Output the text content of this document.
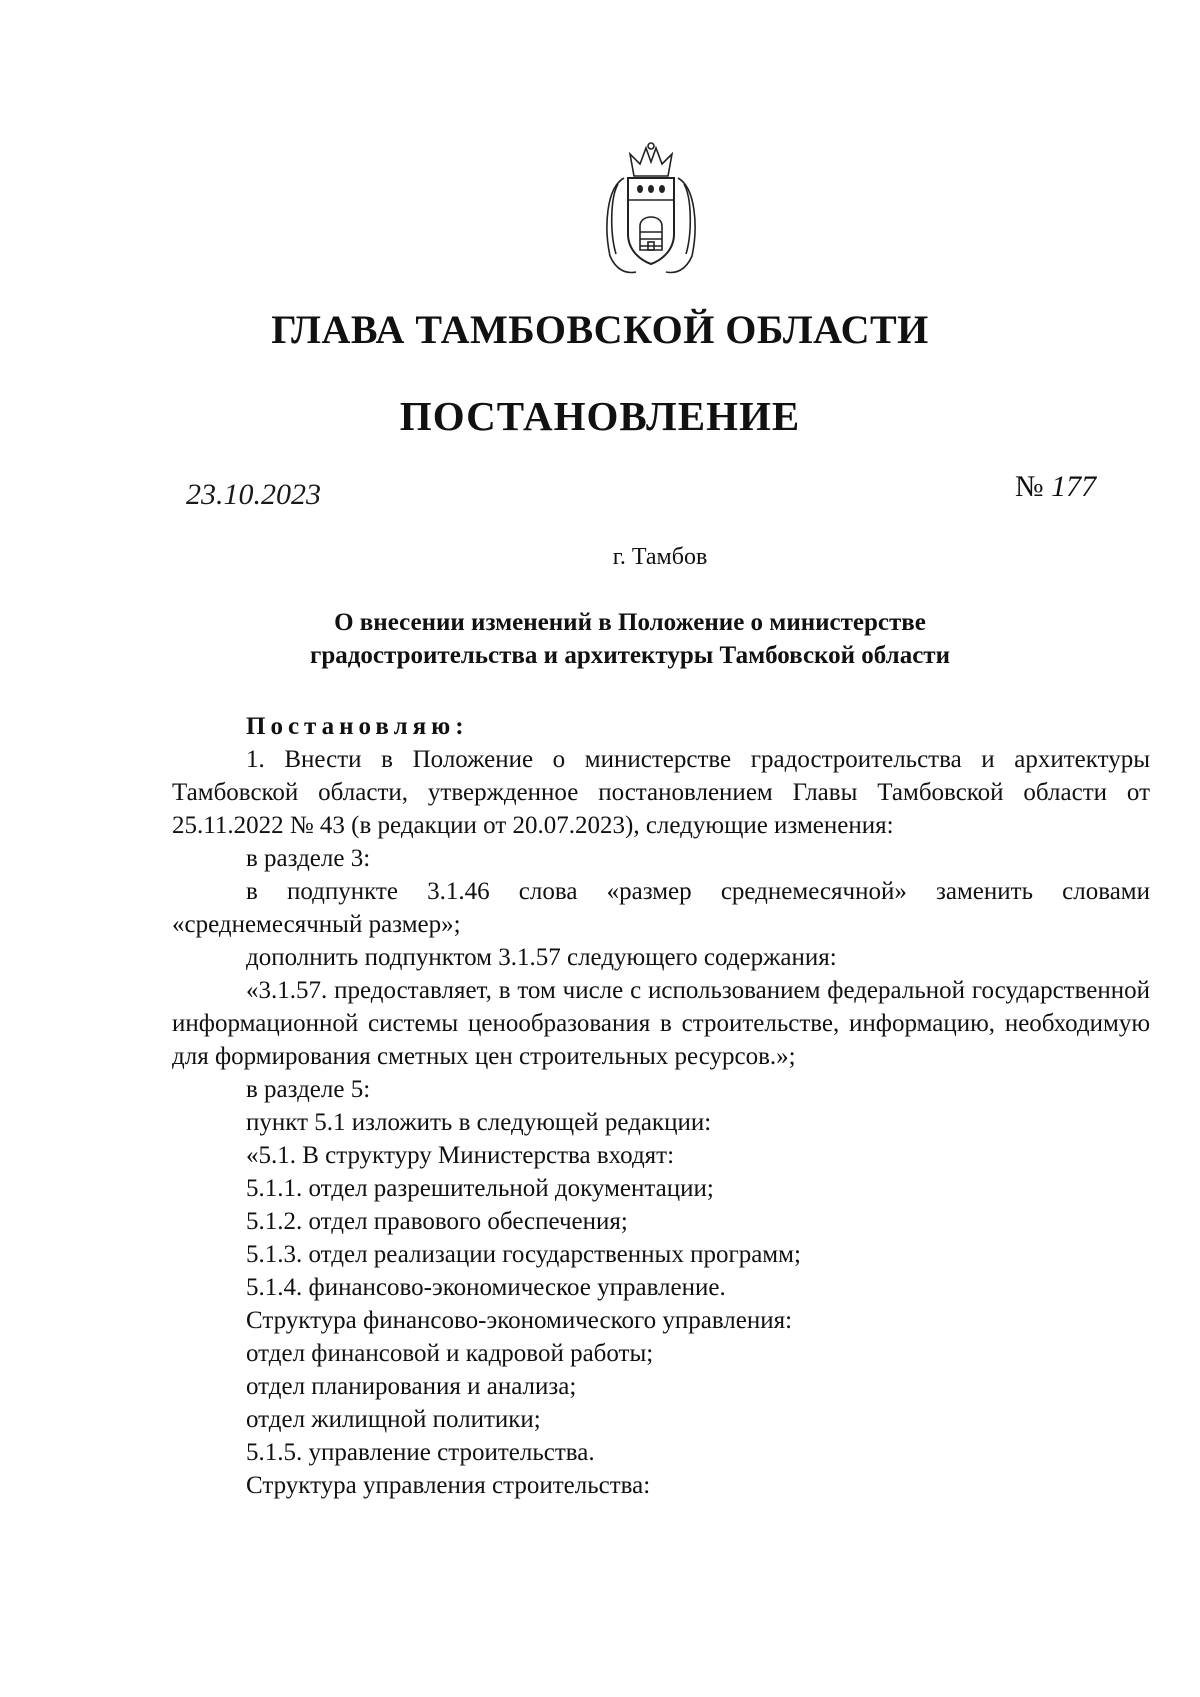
ГЛАВА ТАМБОВСКОЙ ОБЛАСТИ
ПОСТАНОВЛЕНИЕ
23.10.2023	№ 177
г. Тамбов
О внесении изменений в Положение о министерстве
градостроительства и архитектуры Тамбовской области

Постановляю:

1. Внести в Положение о министерстве градостроительства и архитектуры Тамбовской области, утвержденное постановлением Главы Тамбовской области от 25.11.2022 № 43 (в редакции от 20.07.2023), следующие изменения:

в разделе 3:

в подпункте 3.1.46 слова «размер среднемесячной» заменить словами «среднемесячный размер»;

дополнить подпунктом 3.1.57 следующего содержания:

«3.1.57. предоставляет, в том числе с использованием федеральной государственной информационной системы ценообразования в строительстве, информацию, необходимую для формирования сметных цен строительных ресурсов.»;

в разделе 5:

пункт 5.1 изложить в следующей редакции:

«5.1. В структуру Министерства входят:

5.1.1. отдел разрешительной документации;

5.1.2. отдел правового обеспечения;

5.1.3. отдел реализации государственных программ;

5.1.4. финансово-экономическое управление.

Структура финансово-экономического управления:

отдел финансовой и кадровой работы;

отдел планирования и анализа;

отдел жилищной политики;

5.1.5. управление строительства.

Структура управления строительства:
